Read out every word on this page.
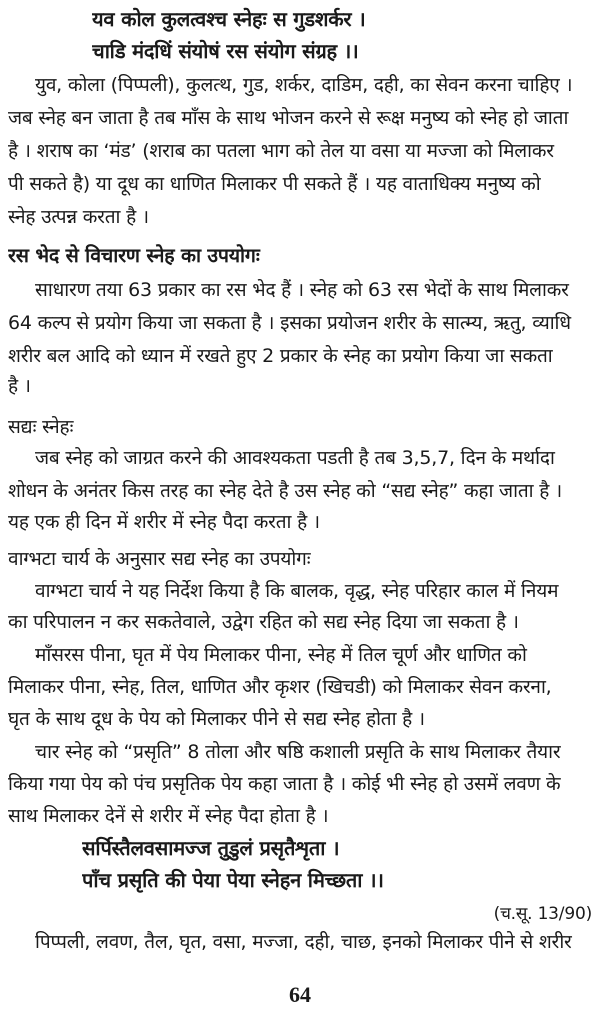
यव कोल कुलत्वश्च स्नेहः स गुडशर्कर ।
चाडि मंदधिं संयोषं रस संयोग संग्रह ।।
युव, कोला (पिप्पली), कुलत्थ, गुड, शर्कर, दाडिम, दही, का सेवन करना चाहिए ।
जब स्नेह बन जाता है तब माँस के साथ भोजन करने से रूक्ष मनुष्य को स्नेह हो जाता
है । शराष का ‘मंड’ (शराब का पतला भाग को तेल या वसा या मज्जा को मिलाकर
पी सकते है) या दूध का धाणित मिलाकर पी सकते हैं । यह वाताधिक्य मनुष्य को
स्नेह उत्पन्न करता है ।
रस भेद से विचारण स्नेह का उपयोगः
साधारण तया 63 प्रकार का रस भेद हैं । स्नेह को 63 रस भेदों के साथ मिलाकर
64 कल्प से प्रयोग किया जा सकता है । इसका प्रयोजन शरीर के सात्म्य, ऋतु, व्याधि
शरीर बल आदि को ध्यान में रखते हुए 2 प्रकार के स्नेह का प्रयोग किया जा सकता
है ।
सद्यः स्नेहः
जब स्नेह को जाग्रत करने की आवश्यकता पडती है तब 3,5,7, दिन के मर्थादा
शोधन के अनंतर किस तरह का स्नेह देते है उस स्नेह को “सद्य स्नेह” कहा जाता है ।
यह एक ही दिन में शरीर में स्नेह पैदा करता है ।
वाग्भटा चार्य के अनुसार सद्य स्नेह का उपयोगः
वाग्भटा चार्य ने यह निर्देश किया है कि बालक, वृद्ध, स्नेह परिहार काल में नियम
का परिपालन न कर सकतेवाले, उद्वेग रहित को सद्य स्नेह दिया जा सकता है ।
माँसरस पीना, घृत में पेय मिलाकर पीना, स्नेह में तिल चूर्ण और धाणित को
मिलाकर पीना, स्नेह, तिल, धाणित और कृशर (खिचडी) को मिलाकर सेवन करना,
घृत के साथ दूध के पेय को मिलाकर पीने से सद्य स्नेह होता है ।
चार स्नेह को “प्रसृति” 8 तोला और षष्ठि कशाली प्रसृति के साथ मिलाकर तैयार
किया गया पेय को पंच प्रसृतिक पेय कहा जाता है । कोई भी स्नेह हो उसमें लवण के
साथ मिलाकर देनें से शरीर में स्नेह पैदा होता है ।
सर्पिस्तैलवसामज्ज तुडुलं प्रसृतैशृता ।
पाँच प्रसृति की पेया पेया स्नेहन मिच्छता ।।
(च.सू. 13/90)
पिप्पली, लवण, तैल, घृत, वसा, मज्जा, दही, चाछ, इनको मिलाकर पीने से शरीर
64
